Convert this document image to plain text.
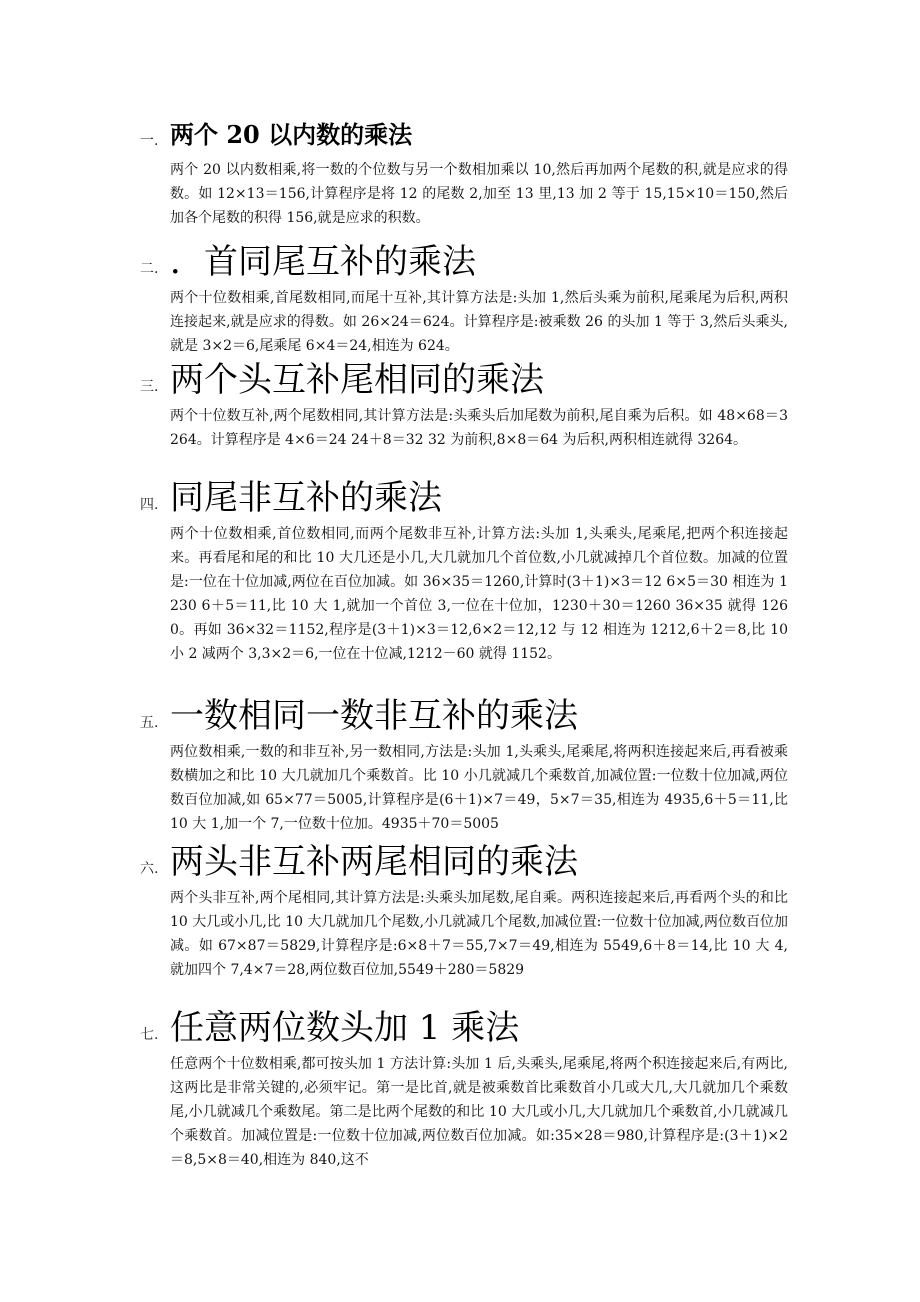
一. 两个 20 以内数的乘法
两个 20 以内数相乘,将一数的个位数与另一个数相加乘以 10,然后再加两个尾数的积,就是应求的得数。如 12×13＝156,计算程序是将 12 的尾数 2,加至 13 里,13 加 2 等于 15,15×10＝150,然后加各个尾数的积得 156,就是应求的积数。
二. ．首同尾互补的乘法
两个十位数相乘,首尾数相同,而尾十互补,其计算方法是:头加 1,然后头乘为前积,尾乘尾为后积,两积连接起来,就是应求的得数。如 26×24＝624。计算程序是:被乘数 26 的头加 1 等于 3,然后头乘头,就是 3×2＝6,尾乘尾 6×4＝24,相连为 624。
三. 两个头互补尾相同的乘法
两个十位数互补,两个尾数相同,其计算方法是:头乘头后加尾数为前积,尾自乘为后积。如 48×68＝3264。计算程序是 4×6＝24 24＋8＝32 32 为前积,8×8＝64 为后积,两积相连就得 3264。
四. 同尾非互补的乘法
两个十位数相乘,首位数相同,而两个尾数非互补,计算方法:头加 1,头乘头,尾乘尾,把两个积连接起来。再看尾和尾的和比 10 大几还是小几,大几就加几个首位数,小几就减掉几个首位数。加减的位置是:一位在十位加减,两位在百位加减。如 36×35＝1260,计算时(3＋1)×3＝12 6×5＝30 相连为 1230 6＋5＝11,比 10 大 1,就加一个首位 3,一位在十位加，1230＋30＝1260 36×35 就得 1260。再如 36×32＝1152,程序是(3＋1)×3＝12,6×2＝12,12 与 12 相连为 1212,6＋2＝8,比 10 小 2 减两个 3,3×2＝6,一位在十位减,1212－60 就得 1152。
五. 一数相同一数非互补的乘法
两位数相乘,一数的和非互补,另一数相同,方法是:头加 1,头乘头,尾乘尾,将两积连接起来后,再看被乘数横加之和比 10 大几就加几个乘数首。比 10 小几就减几个乘数首,加减位置:一位数十位加减,两位数百位加减,如 65×77＝5005,计算程序是(6＋1)×7＝49，5×7＝35,相连为 4935,6＋5＝11,比 10 大 1,加一个 7,一位数十位加。4935＋70＝5005
六. 两头非互补两尾相同的乘法
两个头非互补,两个尾相同,其计算方法是:头乘头加尾数,尾自乘。两积连接起来后,再看两个头的和比 10 大几或小几,比 10 大几就加几个尾数,小几就减几个尾数,加减位置:一位数十位加减,两位数百位加减。如 67×87＝5829,计算程序是:6×8＋7＝55,7×7＝49,相连为 5549,6＋8＝14,比 10 大 4,就加四个 7,4×7＝28,两位数百位加,5549＋280＝5829
七. 任意两位数头加 1 乘法
任意两个十位数相乘,都可按头加 1 方法计算:头加 1 后,头乘头,尾乘尾,将两个积连接起来后,有两比,这两比是非常关键的,必须牢记。第一是比首,就是被乘数首比乘数首小几或大几,大几就加几个乘数尾,小几就减几个乘数尾。第二是比两个尾数的和比 10 大几或小几,大几就加几个乘数首,小几就减几个乘数首。加减位置是:一位数十位加减,两位数百位加减。如:35×28＝980,计算程序是:(3＋1)×2＝8,5×8＝40,相连为 840,这不
